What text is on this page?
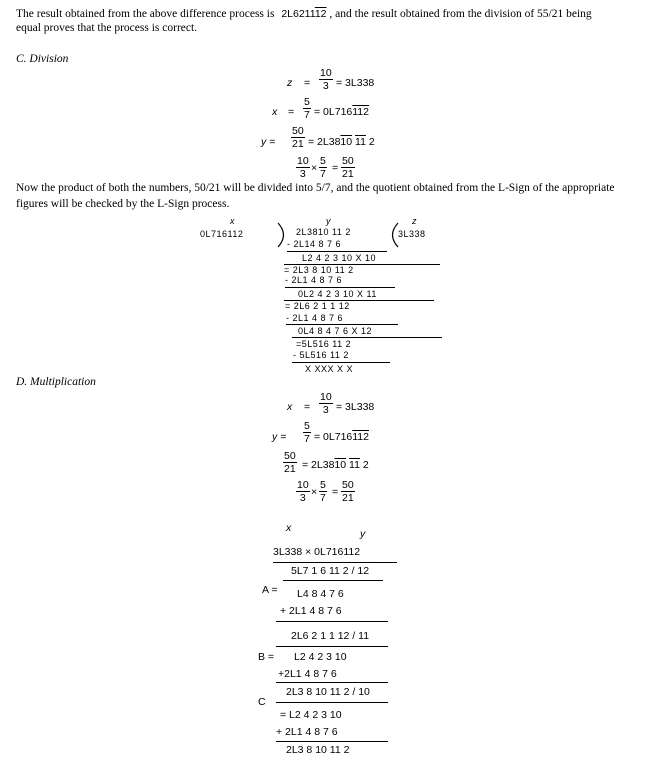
The result obtained from the above difference process is 2L621112 , and the result obtained from the division of 55/21 being
equal proves that the process is correct.
C. Division
$z = \frac{10}{3} = 3L338$
$x = \frac{5}{7} = 0L716112$
$y = \frac{50}{21} = 2L3810$ 11 2
$\frac{10}{3} \times \frac{5}{7} = \frac{50}{21}$
Now the product of both the numbers, 50/21 will be divided into 5/7, and the quotient obtained from the L-Sign of the appropriate
figures will be checked by the L-Sign process.
x	y	z
0L716112	2L3810 11 2	3L338
- 2L14 8 7 6
L2 4 2 3 10 X 10
= 2L3 8 10 11 2
- 2L1 4 8 7 6
0L2 4 2 3 10 X 11
= 2L6 2 1 1 12
- 2L1 4 8 7 6
0L4 8 4 7 6 X 12
=5L516 11 2
- 5L516 11 2
X XXX X X
D. Multiplication
$x = \frac{10}{3} = 3L338$
$y = \frac{5}{7} = 0L716112$
$\frac{50}{21} = 2L3810$ 11 2
$\frac{10}{3} \times \frac{5}{7} = \frac{50}{21}$
x	y
3L338 × 0L716112
5L7 1 6 11 2 / 12
A = L4 8 4 7 6
+ 2L1 4 8 7 6
2L6 2 1 1 12 / 11
B = L2 4 2 3 10
+2L1 4 8 7 6
2L3 8 10 11 2 / 10
C
= L2 4 2 3 10
+ 2L1 4 8 7 6
2L3 8 10 11 2
